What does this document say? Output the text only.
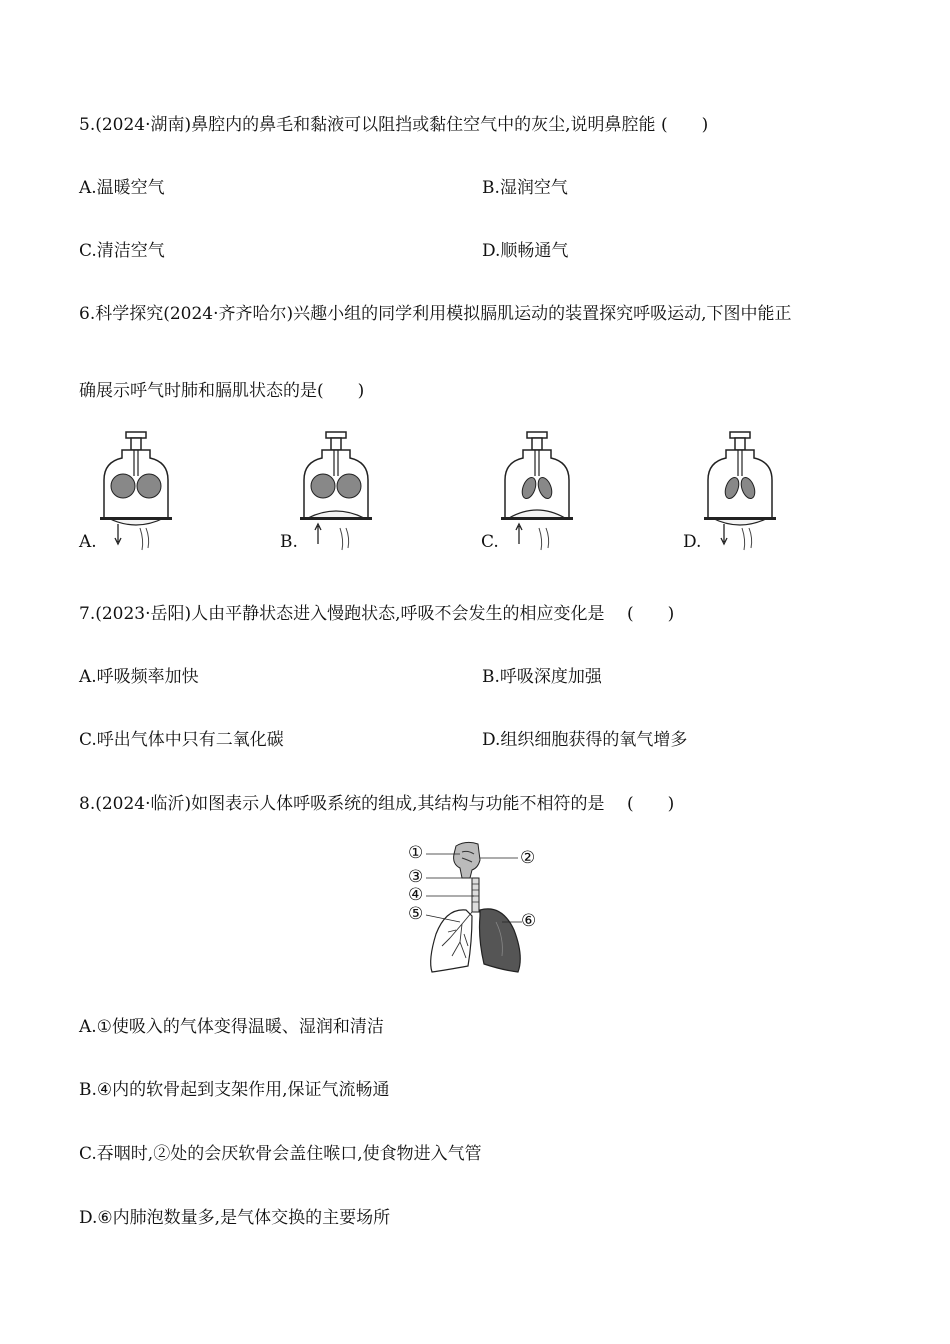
5.(2024·湖南)鼻腔内的鼻毛和黏液可以阻挡或黏住空气中的灰尘,说明鼻腔能 (　　)
A.温暖空气	B.湿润空气
C.清洁空气	D.顺畅通气
6.科学探究(2024·齐齐哈尔)兴趣小组的同学利用模拟膈肌运动的装置探究呼吸运动,下图中能正
确展示呼气时肺和膈肌状态的是(　　)
A.	B.	C.	D.
7.(2023·岳阳)人由平静状态进入慢跑状态,呼吸不会发生的相应变化是　 (　　)
A.呼吸频率加快	B.呼吸深度加强
C.呼出气体中只有二氧化碳	D.组织细胞获得的氧气增多
8.(2024·临沂)如图表示人体呼吸系统的组成,其结构与功能不相符的是　 (　　)
①	②
③
④
⑤	⑥
A.①使吸入的气体变得温暖、湿润和清洁
B.④内的软骨起到支架作用,保证气流畅通
C.吞咽时,②处的会厌软骨会盖住喉口,使食物进入气管
D.⑥内肺泡数量多,是气体交换的主要场所
